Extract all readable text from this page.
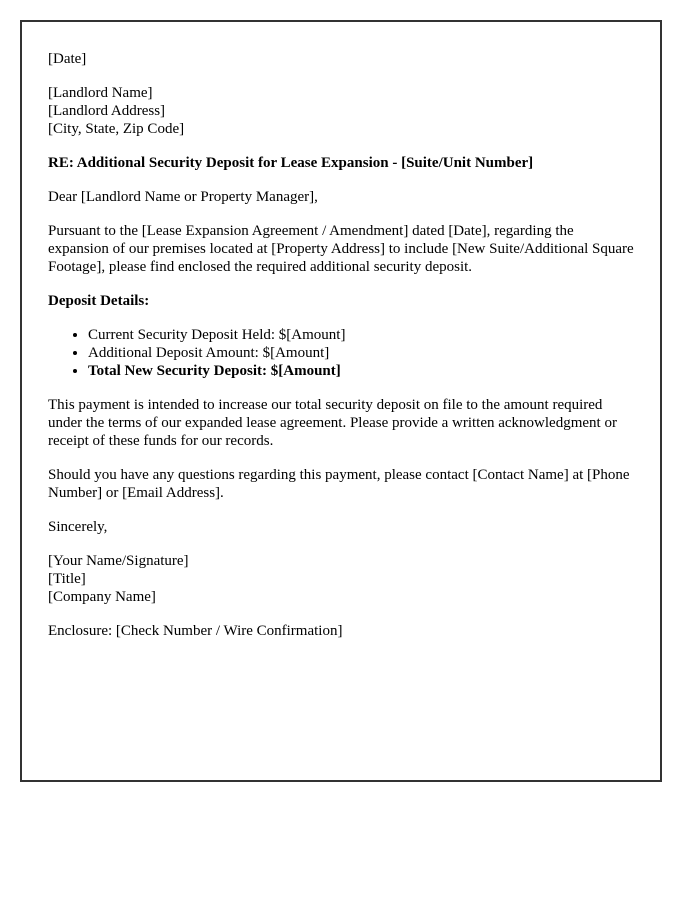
[Date]

[Landlord Name]
[Landlord Address]
[City, State, Zip Code]

RE: Additional Security Deposit for Lease Expansion - [Suite/Unit Number]

Dear [Landlord Name or Property Manager],

Pursuant to the [Lease Expansion Agreement / Amendment] dated [Date], regarding the expansion of our premises located at [Property Address] to include [New Suite/Additional Square Footage], please find enclosed the required additional security deposit.

Deposit Details:

• Current Security Deposit Held: $[Amount]
• Additional Deposit Amount: $[Amount]
• Total New Security Deposit: $[Amount]

This payment is intended to increase our total security deposit on file to the amount required under the terms of our expanded lease agreement. Please provide a written acknowledgment or receipt of these funds for our records.

Should you have any questions regarding this payment, please contact [Contact Name] at [Phone Number] or [Email Address].

Sincerely,

[Your Name/Signature]
[Title]
[Company Name]

Enclosure: [Check Number / Wire Confirmation]
